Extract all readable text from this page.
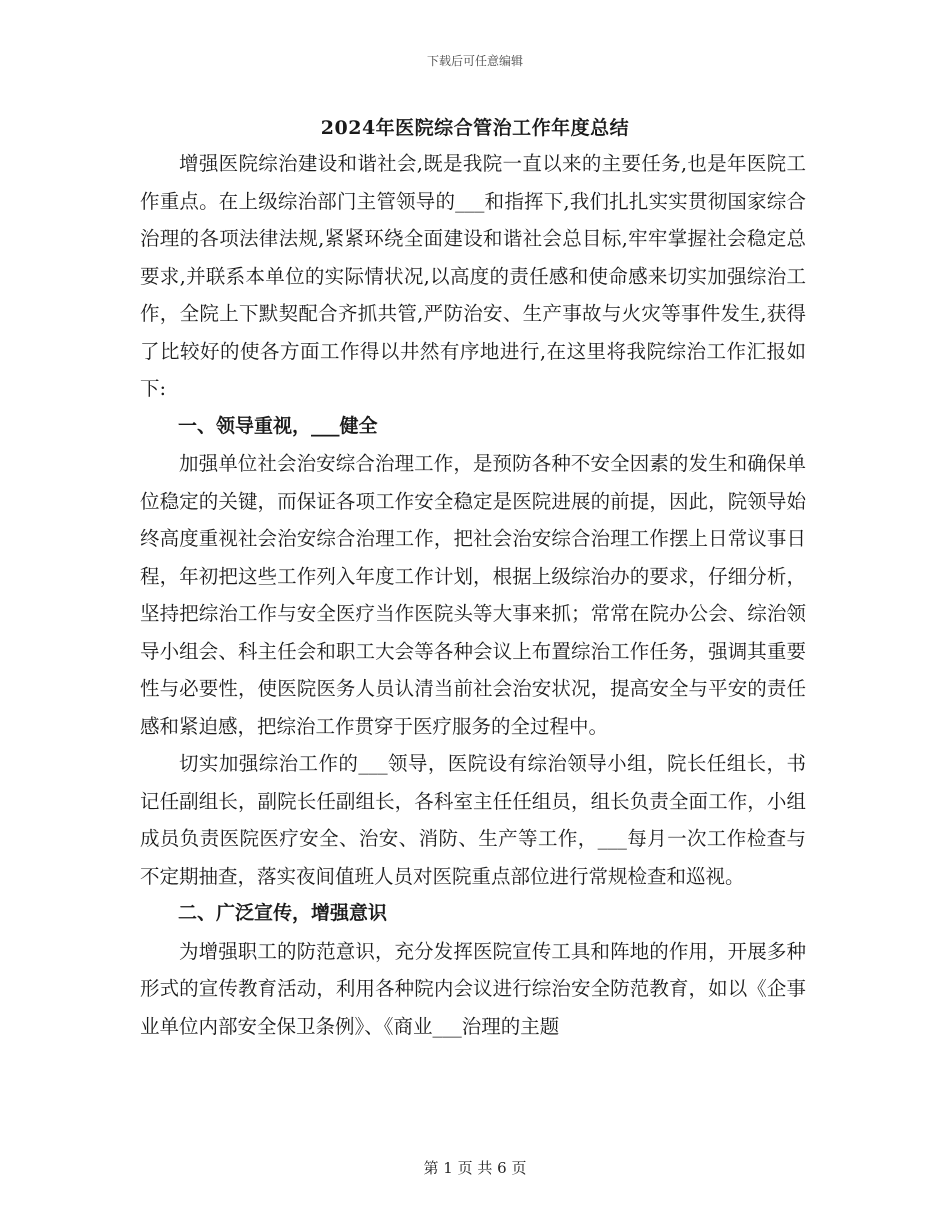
下载后可任意编辑
2024年医院综合管治工作年度总结

增强医院综治建设和谐社会,既是我院一直以来的主要任务,也是年医院工作重点。在上级综治部门主管领导的___和指挥下,我们扎扎实实贯彻国家综合治理的各项法律法规,紧紧环绕全面建设和谐社会总目标,牢牢掌握社会稳定总要求,并联系本单位的实际情状况,以高度的责任感和使命感来切实加强综治工作，全院上下默契配合齐抓共管,严防治安、生产事故与火灾等事件发生,获得了比较好的使各方面工作得以井然有序地进行,在这里将我院综治工作汇报如下:

一、领导重视，___健全

加强单位社会治安综合治理工作，是预防各种不安全因素的发生和确保单位稳定的关键，而保证各项工作安全稳定是医院进展的前提，因此，院领导始终高度重视社会治安综合治理工作，把社会治安综合治理工作摆上日常议事日程，年初把这些工作列入年度工作计划，根据上级综治办的要求，仔细分析，坚持把综治工作与安全医疗当作医院头等大事来抓；常常在院办公会、综治领导小组会、科主任会和职工大会等各种会议上布置综治工作任务，强调其重要性与必要性，使医院医务人员认清当前社会治安状况，提高安全与平安的责任感和紧迫感，把综治工作贯穿于医疗服务的全过程中。

切实加强综治工作的___领导，医院设有综治领导小组，院长任组长，书记任副组长，副院长任副组长，各科室主任任组员，组长负责全面工作，小组成员负责医院医疗安全、治安、消防、生产等工作，___每月一次工作检查与不定期抽查，落实夜间值班人员对医院重点部位进行常规检查和巡视。

二、广泛宣传，增强意识

为增强职工的防范意识，充分发挥医院宣传工具和阵地的作用，开展多种形式的宣传教育活动，利用各种院内会议进行综治安全防范教育，如以《企事业单位内部安全保卫条例》、《商业___治理的主题

第 1 页 共 6 页
